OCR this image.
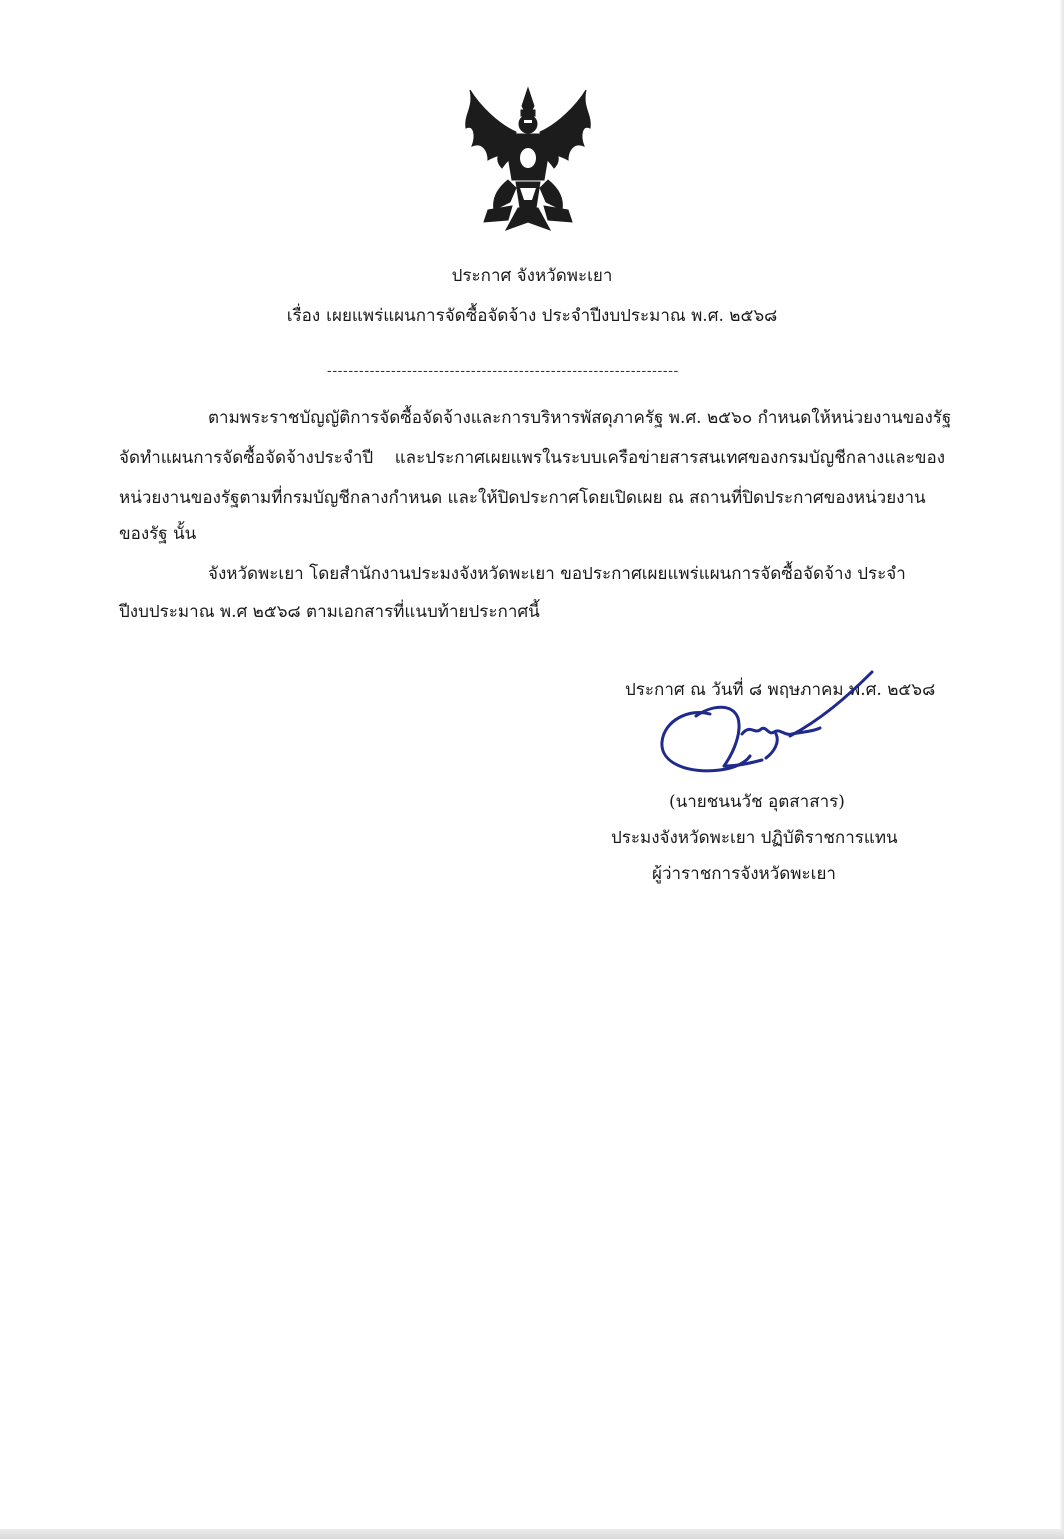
ประกาศ จังหวัดพะเยา
เรื่อง เผยแพร่แผนการจัดซื้อจัดจ้าง ประจำปีงบประมาณ พ.ศ. ๒๕๖๘
------------------------------------------------------------------
ตามพระราชบัญญัติการจัดซื้อจัดจ้างและการบริหารพัสดุภาครัฐ พ.ศ. ๒๕๖๐ กำหนดให้หน่วยงานของรัฐ
จัดทำแผนการจัดซื้อจัดจ้างประจำปี และประกาศเผยแพรในระบบเครือข่ายสารสนเทศของกรมบัญชีกลางและของ
หน่วยงานของรัฐตามที่กรมบัญชีกลางกำหนด และให้ปิดประกาศโดยเปิดเผย ณ สถานที่ปิดประกาศของหน่วยงาน
ของรัฐ นั้น
จังหวัดพะเยา โดยสำนักงานประมงจังหวัดพะเยา ขอประกาศเผยแพร่แผนการจัดซื้อจัดจ้าง ประจำ
ปีงบประมาณ พ.ศ ๒๕๖๘ ตามเอกสารที่แนบท้ายประกาศนี้
ประกาศ ณ วันที่ ๘ พฤษภาคม พ.ศ. ๒๕๖๘
(นายชนนวัช อุตสาสาร)
ประมงจังหวัดพะเยา ปฏิบัติราชการแทน
ผู้ว่าราชการจังหวัดพะเยา
